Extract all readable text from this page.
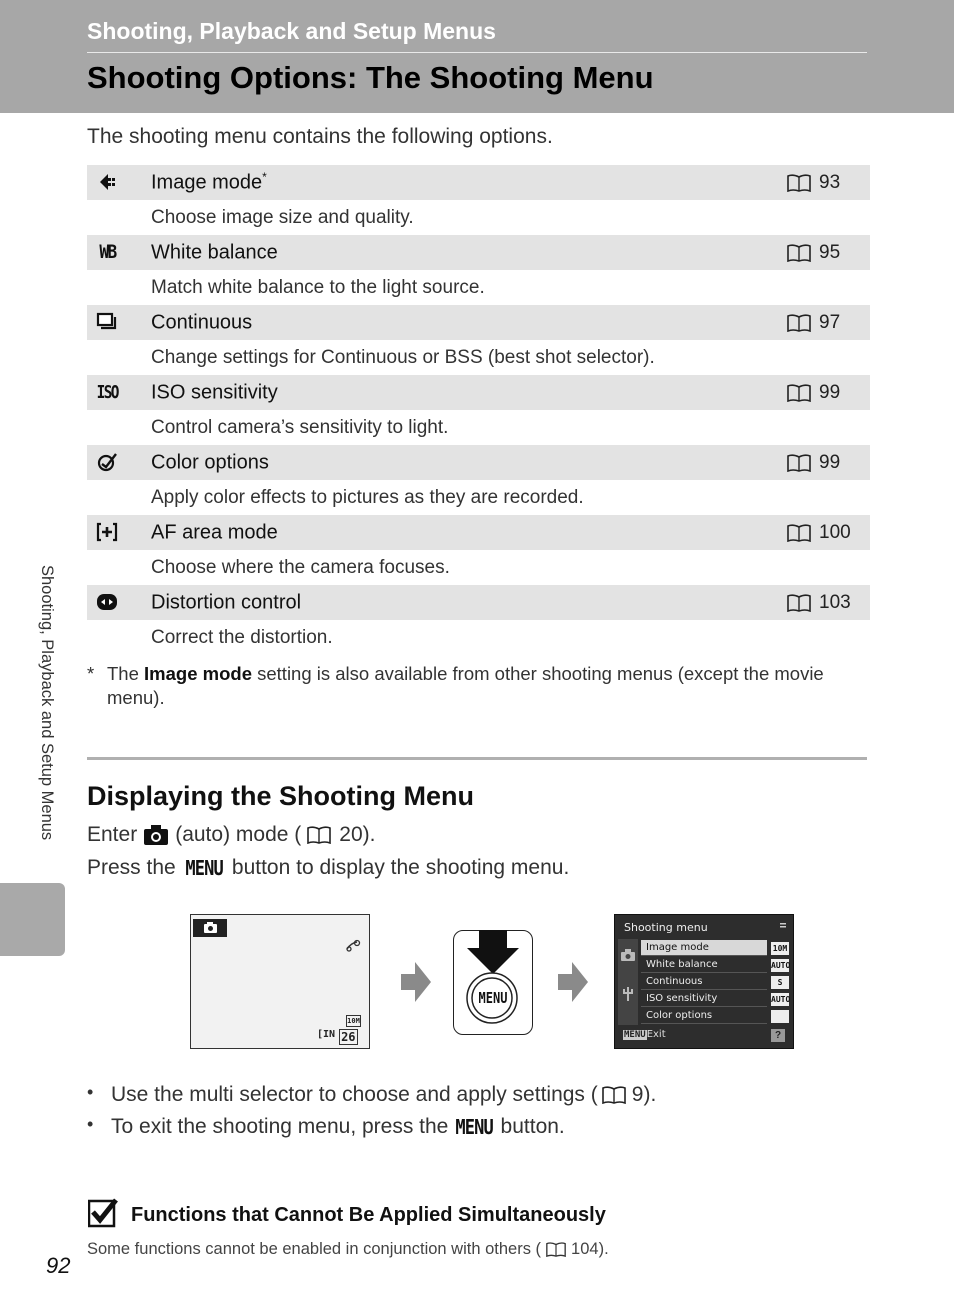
Shooting, Playback and Setup Menus
Shooting Options: The Shooting Menu
The shooting menu contains the following options.
Image mode*	93
Choose image size and quality.
WB White balance	95
Match white balance to the light source.
Continuous	97
Change settings for Continuous or BSS (best shot selector).
ISO ISO sensitivity	99
Control camera’s sensitivity to light.
Color options	99
Apply color effects to pictures as they are recorded.
AF area mode	100
Choose where the camera focuses.
Distortion control	103
Correct the distortion.
* The Image mode setting is also available from other shooting menus (except the movie menu).
Displaying the Shooting Menu
Enter (auto) mode ( 20).
Press the MENU button to display the shooting menu.
10M
[IN 26
MENU
Shooting menu
Image mode	10M
White balance	AUTO
Continuous	S
ISO sensitivity	AUTO
Color options
MENUExit	?
• Use the multi selector to choose and apply settings ( 9).
• To exit the shooting menu, press the MENU button.
Functions that Cannot Be Applied Simultaneously
Some functions cannot be enabled in conjunction with others ( 104).
Shooting, Playback and Setup Menus
92
